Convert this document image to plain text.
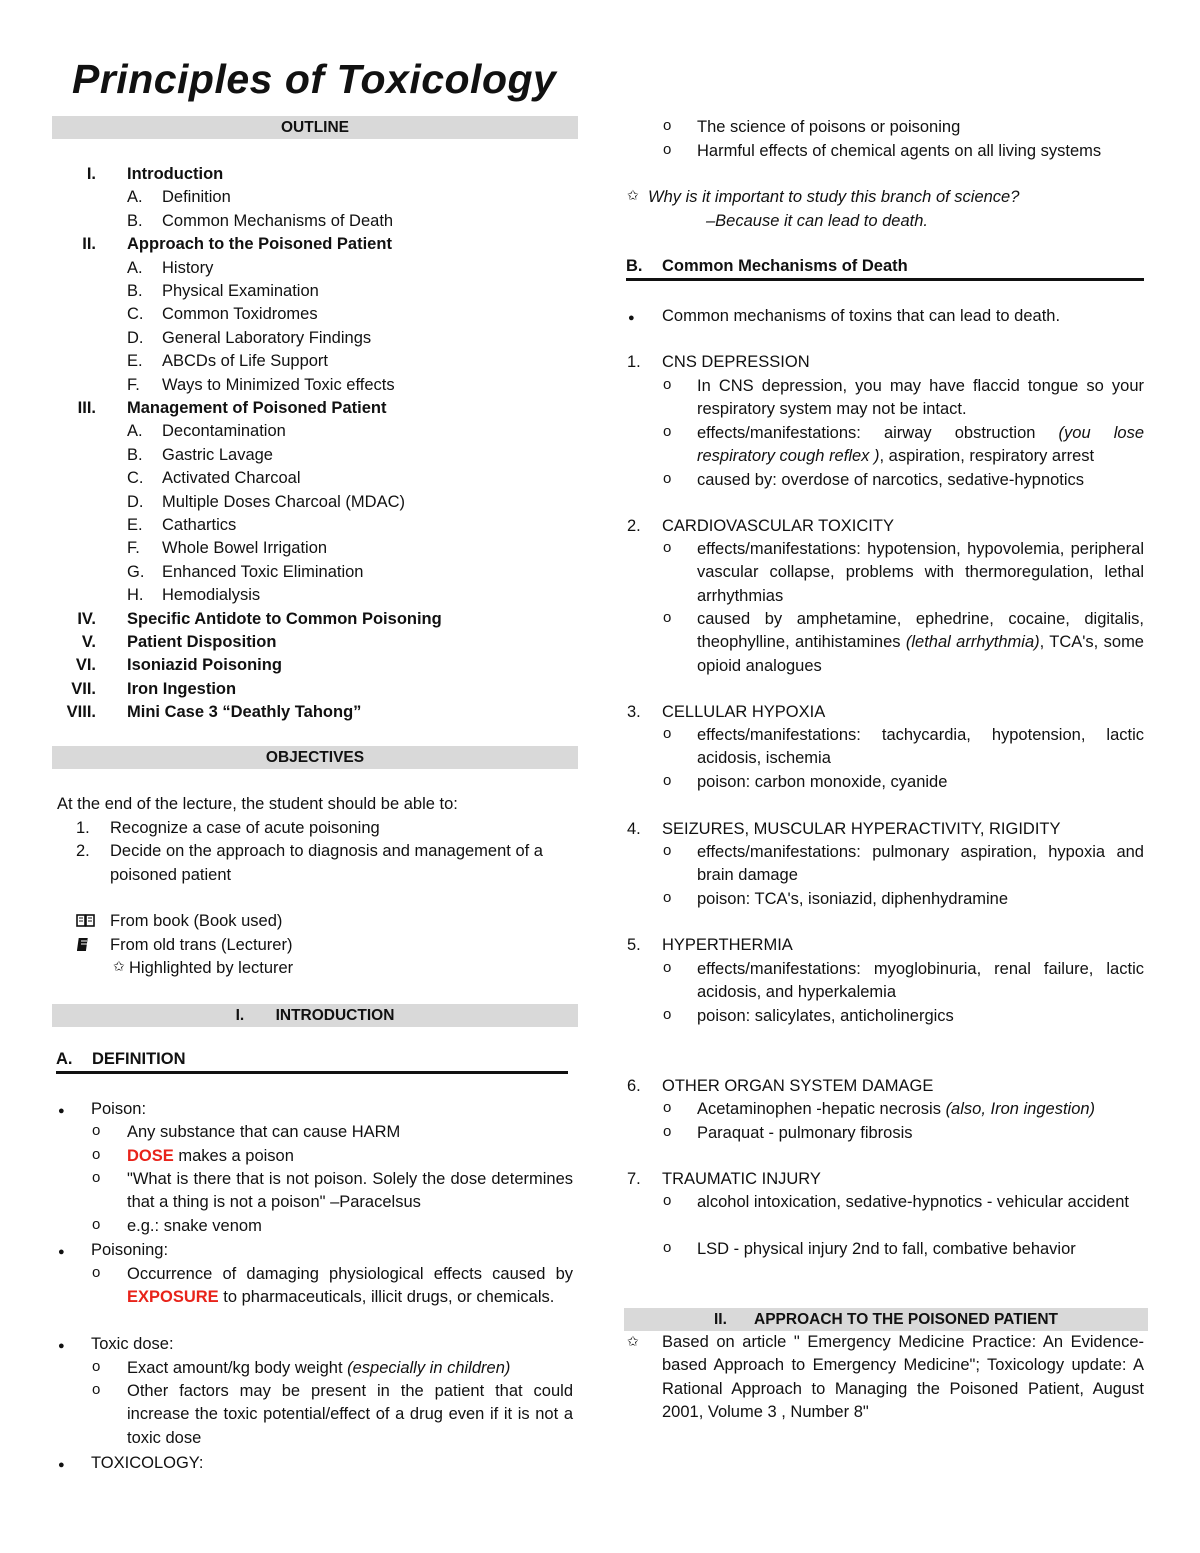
Principles of Toxicology
OUTLINE
I. Introduction
A. Definition
B. Common Mechanisms of Death
II. Approach to the Poisoned Patient
A. History
B. Physical Examination
C. Common Toxidromes
D. General Laboratory Findings
E. ABCDs of Life Support
F. Ways to Minimized Toxic effects
III. Management of Poisoned Patient
A. Decontamination
B. Gastric Lavage
C. Activated Charcoal
D. Multiple Doses Charcoal (MDAC)
E. Cathartics
F. Whole Bowel Irrigation
G. Enhanced Toxic Elimination
H. Hemodialysis
IV. Specific Antidote to Common Poisoning
V. Patient Disposition
VI. Isoniazid Poisoning
VII. Iron Ingestion
VIII. Mini Case 3 “Deathly Tahong”
OBJECTIVES
At the end of the lecture, the student should be able to:
1. Recognize a case of acute poisoning
2. Decide on the approach to diagnosis and management of a
poisoned patient
From book (Book used)
From old trans (Lecturer)
✩ Highlighted by lecturer
I. INTRODUCTION
A. DEFINITION
● Poison:
o Any substance that can cause HARM
o DOSE makes a poison
o "What is there that is not poison. Solely the dose determines that a thing is not a poison" –Paracelsus
o e.g.: snake venom
● Poisoning:
o Occurrence of damaging physiological effects caused by EXPOSURE to pharmaceuticals, illicit drugs, or chemicals.
● Toxic dose:
o Exact amount/kg body weight (especially in children)
o Other factors may be present in the patient that could increase the toxic potential/effect of a drug even if it is not a toxic dose
● TOXICOLOGY:
o The science of poisons or poisoning
o Harmful effects of chemical agents on all living systems
✩ Why is it important to study this branch of science?
–Because it can lead to death.
B. Common Mechanisms of Death
● Common mechanisms of toxins that can lead to death.
1. CNS DEPRESSION
o In CNS depression, you may have flaccid tongue so your respiratory system may not be intact.
o effects/manifestations: airway obstruction (you lose respiratory cough reflex ), aspiration, respiratory arrest
o caused by: overdose of narcotics, sedative-hypnotics
2. CARDIOVASCULAR TOXICITY
o effects/manifestations: hypotension, hypovolemia, peripheral vascular collapse, problems with thermoregulation, lethal arrhythmias
o caused by amphetamine, ephedrine, cocaine, digitalis, theophylline, antihistamines (lethal arrhythmia), TCA's, some opioid analogues
3. CELLULAR HYPOXIA
o effects/manifestations: tachycardia, hypotension, lactic acidosis, ischemia
o poison: carbon monoxide, cyanide
4. SEIZURES, MUSCULAR HYPERACTIVITY, RIGIDITY
o effects/manifestations: pulmonary aspiration, hypoxia and brain damage
o poison: TCA's, isoniazid, diphenhydramine
5. HYPERTHERMIA
o effects/manifestations: myoglobinuria, renal failure, lactic acidosis, and hyperkalemia
o poison: salicylates, anticholinergics
6. OTHER ORGAN SYSTEM DAMAGE
o Acetaminophen -hepatic necrosis (also, Iron ingestion)
o Paraquat - pulmonary fibrosis
7. TRAUMATIC INJURY
o alcohol intoxication, sedative-hypnotics - vehicular accident
o LSD - physical injury 2nd to fall, combative behavior
II. APPROACH TO THE POISONED PATIENT
✩ Based on article " Emergency Medicine Practice: An Evidence-based Approach to Emergency Medicine"; Toxicology update: A Rational Approach to Managing the Poisoned Patient, August 2001, Volume 3 , Number 8"
